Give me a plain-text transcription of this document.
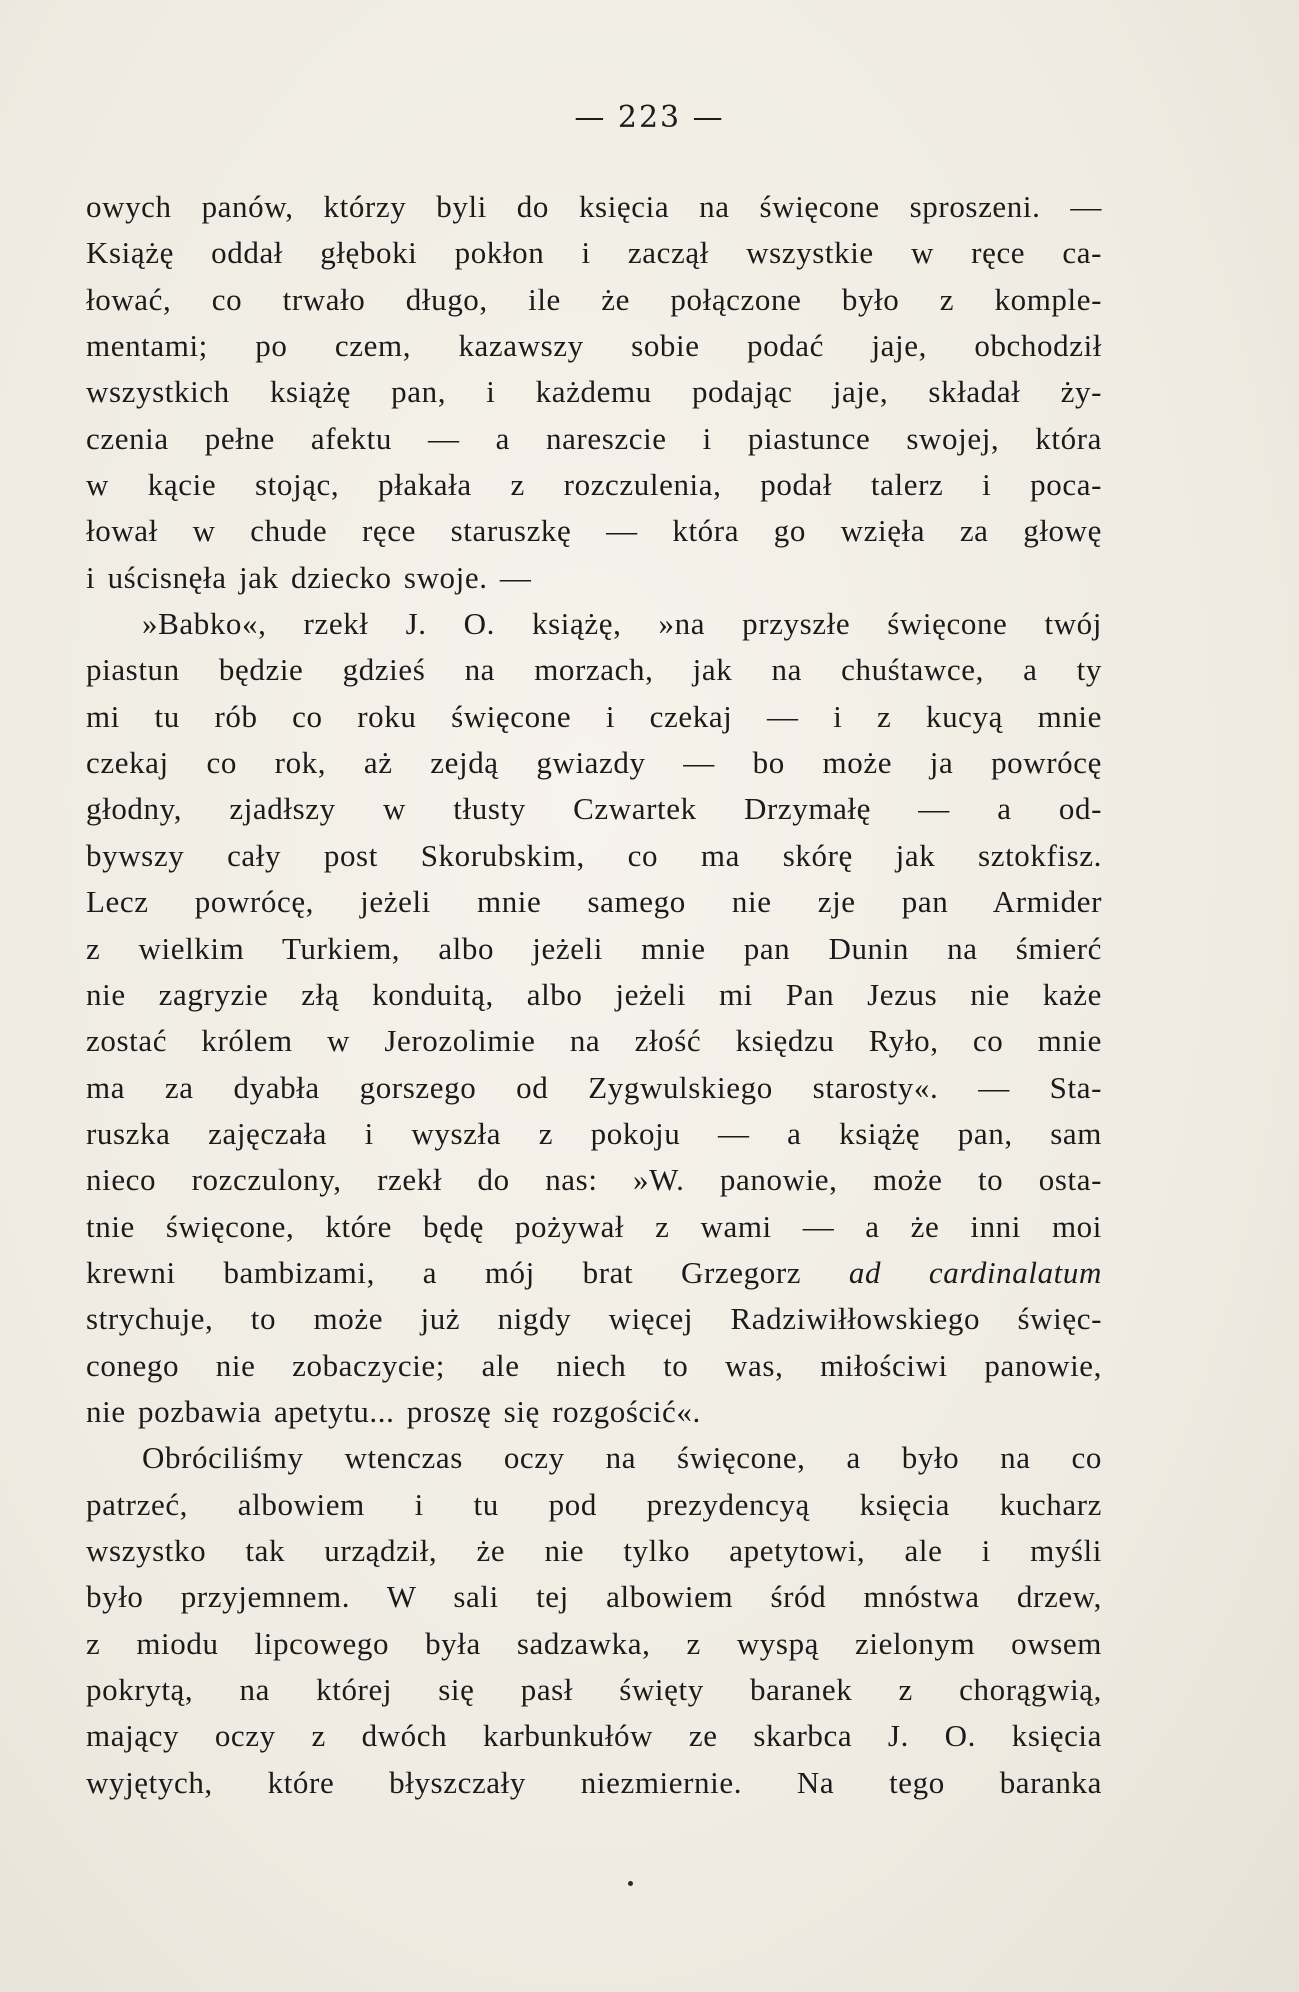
— 223 —
owych panów, którzy byli do księcia na święcone sproszeni. —
Książę oddał głęboki pokłon i zaczął wszystkie w ręce ca-
łować, co trwało długo, ile że połączone było z komple-
mentami; po czem, kazawszy sobie podać jaje, obchodził
wszystkich książę pan, i każdemu podając jaje, składał ży-
czenia pełne afektu — a nareszcie i piastunce swojej, która
w kącie stojąc, płakała z rozczulenia, podał talerz i poca-
łował w chude ręce staruszkę — która go wzięła za głowę
i uścisnęła jak dziecko swoje. —
»Babko«, rzekł J. O. książę, »na przyszłe święcone twój
piastun będzie gdzieś na morzach, jak na chuśtawce, a ty
mi tu rób co roku święcone i czekaj — i z kucyą mnie
czekaj co rok, aż zejdą gwiazdy — bo może ja powrócę
głodny, zjadłszy w tłusty Czwartek Drzymałę — a od-
bywszy cały post Skorubskim, co ma skórę jak sztokfisz.
Lecz powrócę, jeżeli mnie samego nie zje pan Armider
z wielkim Turkiem, albo jeżeli mnie pan Dunin na śmierć
nie zagryzie złą konduitą, albo jeżeli mi Pan Jezus nie każe
zostać królem w Jerozolimie na złość księdzu Ryło, co mnie
ma za dyabła gorszego od Zygwulskiego starosty«. — Sta-
ruszka zajęczała i wyszła z pokoju — a książę pan, sam
nieco rozczulony, rzekł do nas: »W. panowie, może to osta-
tnie święcone, które będę pożywał z wami — a że inni moi
krewni bambizami, a mój brat Grzegorz ad cardinalatum
strychuje, to może już nigdy więcej Radziwiłłowskiego święc-
conego nie zobaczycie; ale niech to was, miłościwi panowie,
nie pozbawia apetytu... proszę się rozgościć«.
Obróciliśmy wtenczas oczy na święcone, a było na co
patrzeć, albowiem i tu pod prezydencyą księcia kucharz
wszystko tak urządził, że nie tylko apetytowi, ale i myśli
było przyjemnem. W sali tej albowiem śród mnóstwa drzew,
z miodu lipcowego była sadzawka, z wyspą zielonym owsem
pokrytą, na której się pasł święty baranek z chorągwią,
mający oczy z dwóch karbunkułów ze skarbca J. O. księcia
wyjętych, które błyszczały niezmiernie. Na tego baranka
